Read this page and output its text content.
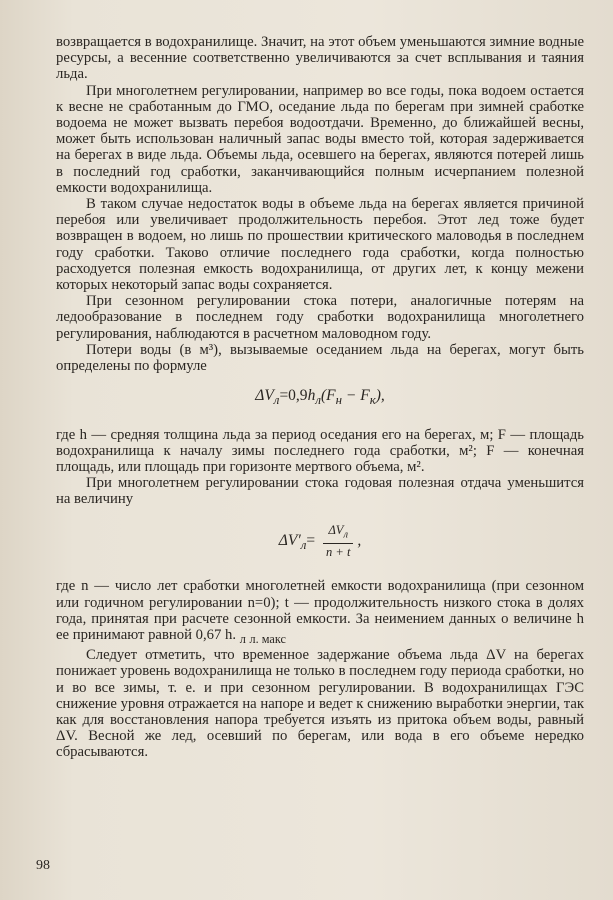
возвращается в водохранилище. Значит, на этот объем уменьшаются зимние водные ресурсы, а весенние соответственно увеличиваются за счет всплывания и таяния льда.

При многолетнем регулировании, например во все годы, пока водоем остается к весне не сработанным до ГМО, оседание льда по берегам при зимней сработке водоема не может вызвать перебоя водоотдачи. Временно, до ближайшей весны, может быть использован наличный запас воды вместо той, которая задерживается на берегах в виде льда. Объемы льда, осевшего на берегах, являются потерей лишь в последний год сработки, заканчивающийся полным исчерпанием полезной емкости водохранилища.

В таком случае недостаток воды в объеме льда на берегах является причиной перебоя или увеличивает продолжительность перебоя. Этот лед тоже будет возвращен в водоем, но лишь по прошествии критического маловодья в последнем году сработки. Таково отличие последнего года сработки, когда полностью расходуется полезная емкость водохранилища, от других лет, к концу межени которых некоторый запас воды сохраняется.

При сезонном регулировании стока потери, аналогичные потерям на ледообразование в последнем году сработки водохранилища многолетнего регулирования, наблюдаются в расчетном маловодном году.

Потери воды (в м³), вызываемые оседанием льда на берегах, могут быть определены по формуле

$\Delta V_л=0,9h_л(F_н - F_к)$,

где h — средняя толщина льда за период оседания его на берегах, м; F — площадь водохранилища к началу зимы последнего года сработки, м²; F — конечная площадь, или площадь при горизонте мертвого объема, м².

При многолетнем регулировании стока годовая полезная отдача уменьшится на величину

$\Delta V'_л= \frac{\Delta V_л}{n + t}$ ,

где n — число лет сработки многолетней емкости водохранилища (при сезонном или годичном регулировании n=0); t — продолжительность низкого стока в долях года, принятая при расчете сезонной емкости. За неимением данных о величине h ее принимают равной 0,67 h. $_л$ $_{л. макс}$

Следует отметить, что временное задержание объема льда ΔV на берегах понижает уровень водохранилища не только в последнем году периода сработки, но и во все зимы, т. е. и при сезонном регулировании. В водохранилищах ГЭС снижение уровня отражается на напоре и ведет к снижению выработки энергии, так как для восстановления напора требуется изъять из притока объем воды, равный ΔV. Весной же лед, осевший по берегам, или вода в его объеме нередко сбрасываются.

98
